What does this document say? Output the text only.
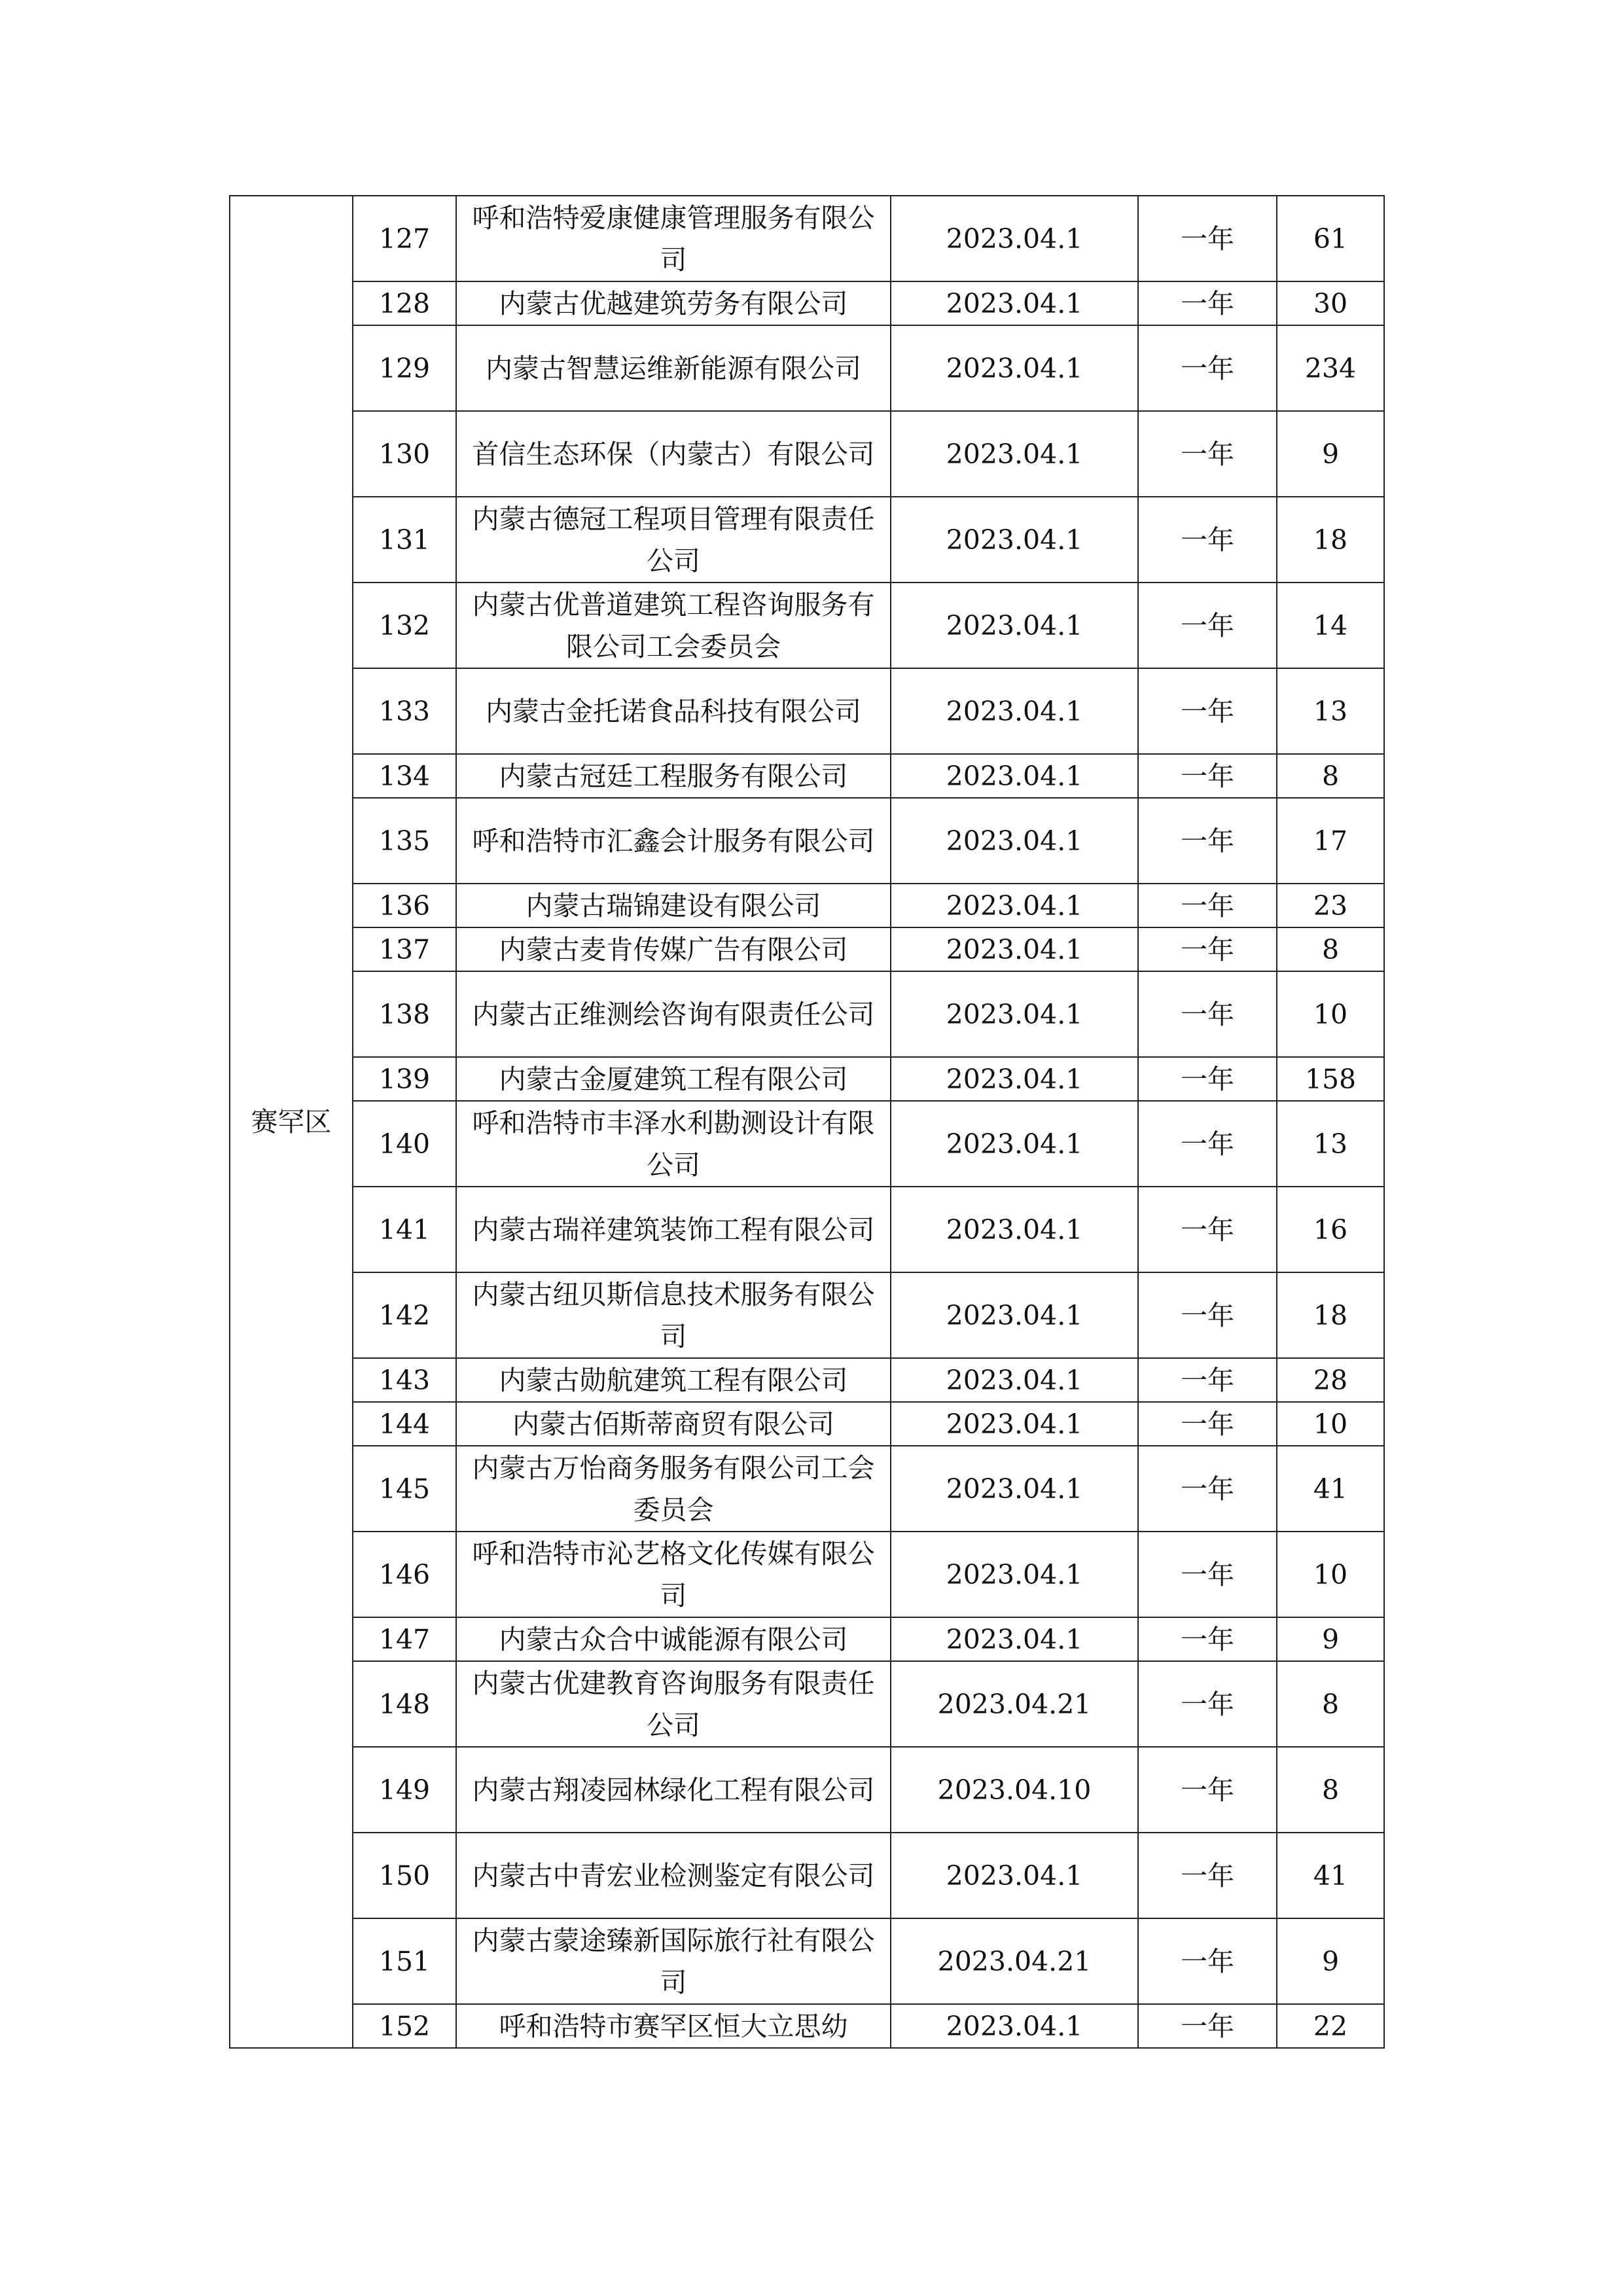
赛罕区	127	呼和浩特爱康健康管理服务有限公司	2023.04.1	一年	61
	128	内蒙古优越建筑劳务有限公司	2023.04.1	一年	30
	129	内蒙古智慧运维新能源有限公司	2023.04.1	一年	234
	130	首信生态环保（内蒙古）有限公司	2023.04.1	一年	9
	131	内蒙古德冠工程项目管理有限责任公司	2023.04.1	一年	18
	132	内蒙古优普道建筑工程咨询服务有限公司工会委员会	2023.04.1	一年	14
	133	内蒙古金托诺食品科技有限公司	2023.04.1	一年	13
	134	内蒙古冠廷工程服务有限公司	2023.04.1	一年	8
	135	呼和浩特市汇鑫会计服务有限公司	2023.04.1	一年	17
	136	内蒙古瑞锦建设有限公司	2023.04.1	一年	23
	137	内蒙古麦肯传媒广告有限公司	2023.04.1	一年	8
	138	内蒙古正维测绘咨询有限责任公司	2023.04.1	一年	10
	139	内蒙古金厦建筑工程有限公司	2023.04.1	一年	158
	140	呼和浩特市丰泽水利勘测设计有限公司	2023.04.1	一年	13
	141	内蒙古瑞祥建筑装饰工程有限公司	2023.04.1	一年	16
	142	内蒙古纽贝斯信息技术服务有限公司	2023.04.1	一年	18
	143	内蒙古勋航建筑工程有限公司	2023.04.1	一年	28
	144	内蒙古佰斯蒂商贸有限公司	2023.04.1	一年	10
	145	内蒙古万怡商务服务有限公司工会委员会	2023.04.1	一年	41
	146	呼和浩特市沁艺格文化传媒有限公司	2023.04.1	一年	10
	147	内蒙古众合中诚能源有限公司	2023.04.1	一年	9
	148	内蒙古优建教育咨询服务有限责任公司	2023.04.21	一年	8
	149	内蒙古翔凌园林绿化工程有限公司	2023.04.10	一年	8
	150	内蒙古中青宏业检测鉴定有限公司	2023.04.1	一年	41
	151	内蒙古蒙途臻新国际旅行社有限公司	2023.04.21	一年	9
	152	呼和浩特市赛罕区恒大立思幼	2023.04.1	一年	22
